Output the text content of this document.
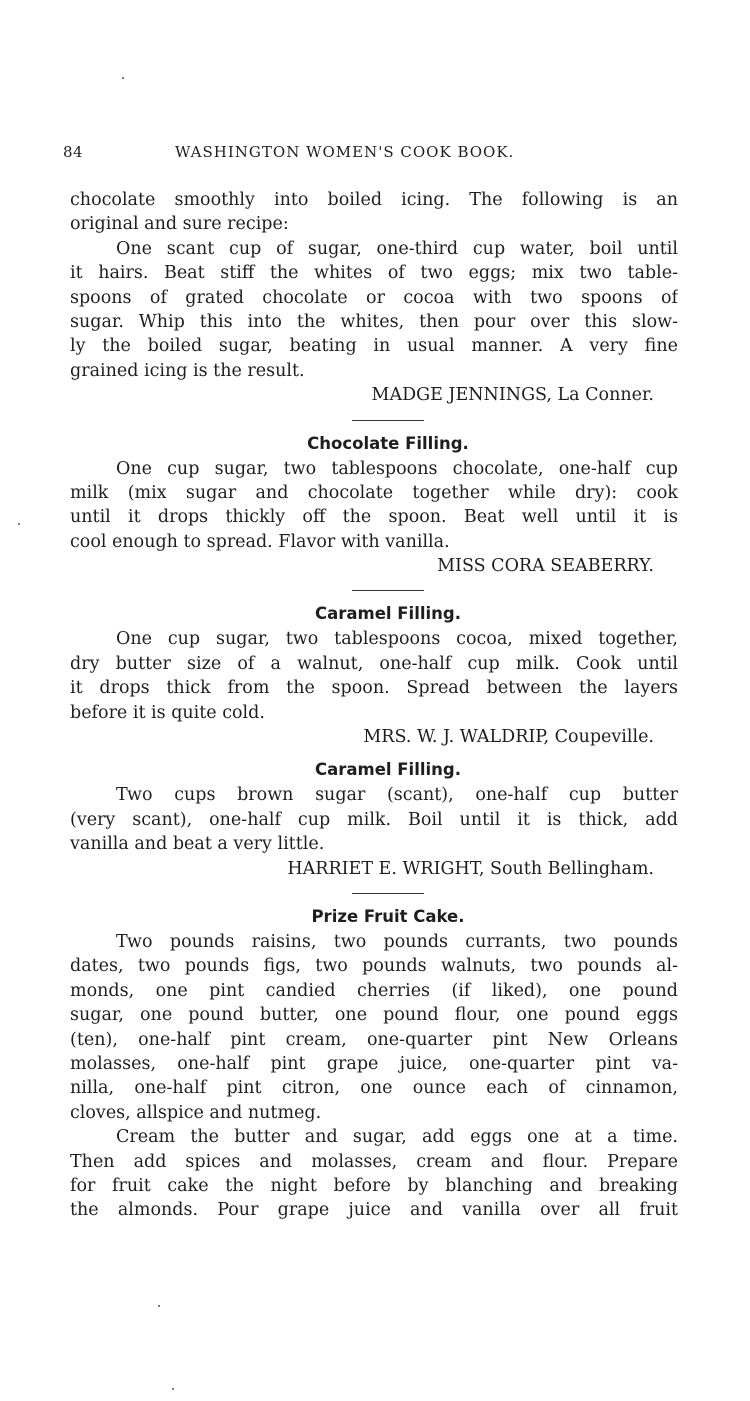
84	WASHINGTON WOMEN'S COOK BOOK.
chocolate smoothly into boiled icing. The following is an
original and sure recipe:
One scant cup of sugar, one-third cup water, boil until
it hairs. Beat stiff the whites of two eggs; mix two table-
spoons of grated chocolate or cocoa with two spoons of
sugar. Whip this into the whites, then pour over this slow-
ly the boiled sugar, beating in usual manner. A very fine
grained icing is the result.
MADGE JENNINGS, La Conner.
Chocolate Filling.
One cup sugar, two tablespoons chocolate, one-half cup
milk (mix sugar and chocolate together while dry): cook
until it drops thickly off the spoon. Beat well until it is
cool enough to spread. Flavor with vanilla.
MISS CORA SEABERRY.
Caramel Filling.
One cup sugar, two tablespoons cocoa, mixed together,
dry butter size of a walnut, one-half cup milk. Cook until
it drops thick from the spoon. Spread between the layers
before it is quite cold.
MRS. W. J. WALDRIP, Coupeville.
Caramel Filling.
Two cups brown sugar (scant), one-half cup butter
(very scant), one-half cup milk. Boil until it is thick, add
vanilla and beat a very little.
HARRIET E. WRIGHT, South Bellingham.
Prize Fruit Cake.
Two pounds raisins, two pounds currants, two pounds
dates, two pounds figs, two pounds walnuts, two pounds al-
monds, one pint candied cherries (if liked), one pound
sugar, one pound butter, one pound flour, one pound eggs
(ten), one-half pint cream, one-quarter pint New Orleans
molasses, one-half pint grape juice, one-quarter pint va-
nilla, one-half pint citron, one ounce each of cinnamon,
cloves, allspice and nutmeg.
Cream the butter and sugar, add eggs one at a time.
Then add spices and molasses, cream and flour. Prepare
for fruit cake the night before by blanching and breaking
the almonds. Pour grape juice and vanilla over all fruit
